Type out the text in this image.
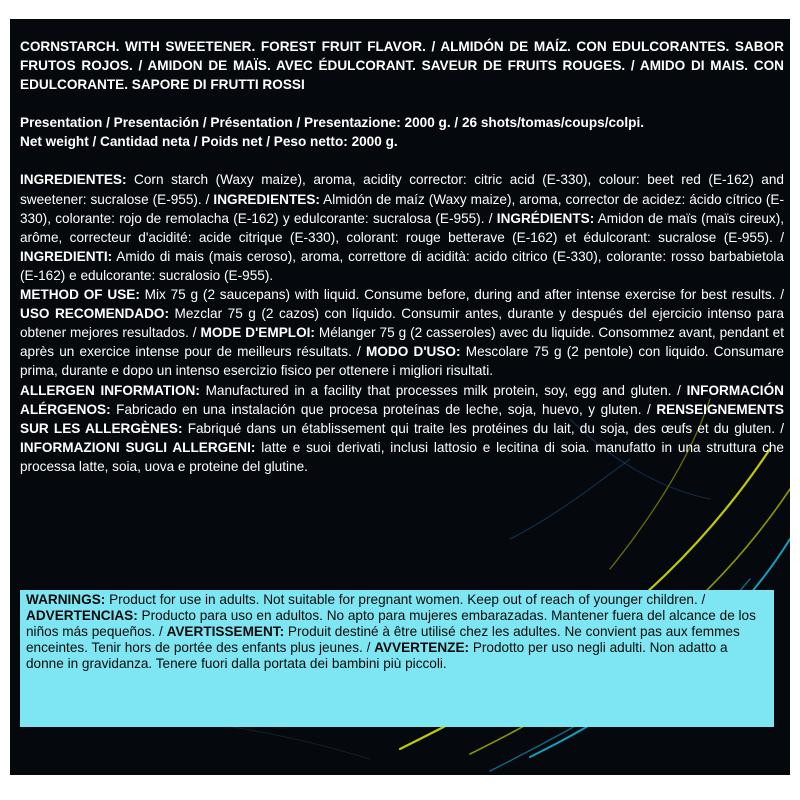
CORNSTARCH. WITH SWEETENER. FOREST FRUIT FLAVOR. / ALMIDÓN DE MAÍZ. CON EDULCORANTES. SABOR FRUTOS ROJOS. / AMIDON DE MAÏS. AVEC ÉDULCORANT. SAVEUR DE FRUITS ROUGES. / AMIDO DI MAIS. CON EDULCORANTE. SAPORE DI FRUTTI ROSSI

Presentation / Presentación / Présentation / Presentazione: 2000 g. / 26 shots/tomas/coups/colpi.
Net weight / Cantidad neta / Poids net / Peso netto: 2000 g.
INGREDIENTES: Corn starch (Waxy maize), aroma, acidity corrector: citric acid (E-330), colour: beet red (E-162) and sweetener: sucralose (E-955). / INGREDIENTES: Almidón de maíz (Waxy maize), aroma, corrector de acidez: ácido cítrico (E-330), colorante: rojo de remolacha (E-162) y edulcorante: sucralosa (E-955). / INGRÉDIENTS: Amidon de maïs (maïs cireux), arôme, correcteur d'acidité: acide citrique (E-330), colorant: rouge betterave (E-162) et édulcorant: sucralose (E-955). / INGREDIENTI: Amido di mais (mais ceroso), aroma, correttore di acidità: acido citrico (E-330), colorante: rosso barbabietola (E-162) e edulcorante: sucralosio (E-955).
METHOD OF USE: Mix 75 g (2 saucepans) with liquid. Consume before, during and after intense exercise for best results. / USO RECOMENDADO: Mezclar 75 g (2 cazos) con líquido. Consumir antes, durante y después del ejercicio intenso para obtener mejores resultados. / MODE D'EMPLOI: Mélanger 75 g (2 casseroles) avec du liquide. Consommez avant, pendant et après un exercice intense pour de meilleurs résultats. / MODO D'USO: Mescolare 75 g (2 pentole) con liquido. Consumare prima, durante e dopo un intenso esercizio fisico per ottenere i migliori risultati.
ALLERGEN INFORMATION: Manufactured in a facility that processes milk protein, soy, egg and gluten. / INFORMACIÓN ALÉRGENOS: Fabricado en una instalación que procesa proteínas de leche, soja, huevo, y gluten. / RENSEIGNEMENTS SUR LES ALLERGÈNES: Fabriqué dans un établissement qui traite les protéines du lait, du soja, des œufs et du gluten. / INFORMAZIONI SUGLI ALLERGENI: latte e suoi derivati, inclusi lattosio e lecitina di soia. manufatto in una struttura che processa latte, soia, uova e proteine del glutine.
WARNINGS: Product for use in adults. Not suitable for pregnant women. Keep out of reach of younger children. / ADVERTENCIAS: Producto para uso en adultos. No apto para mujeres embarazadas. Mantener fuera del alcance de los niños más pequeños. / AVERTISSEMENT: Produit destiné à être utilisé chez les adultes. Ne convient pas aux femmes enceintes. Tenir hors de portée des enfants plus jeunes. / AVVERTENZE: Prodotto per uso negli adulti. Non adatto a donne in gravidanza. Tenere fuori dalla portata dei bambini più piccoli.
